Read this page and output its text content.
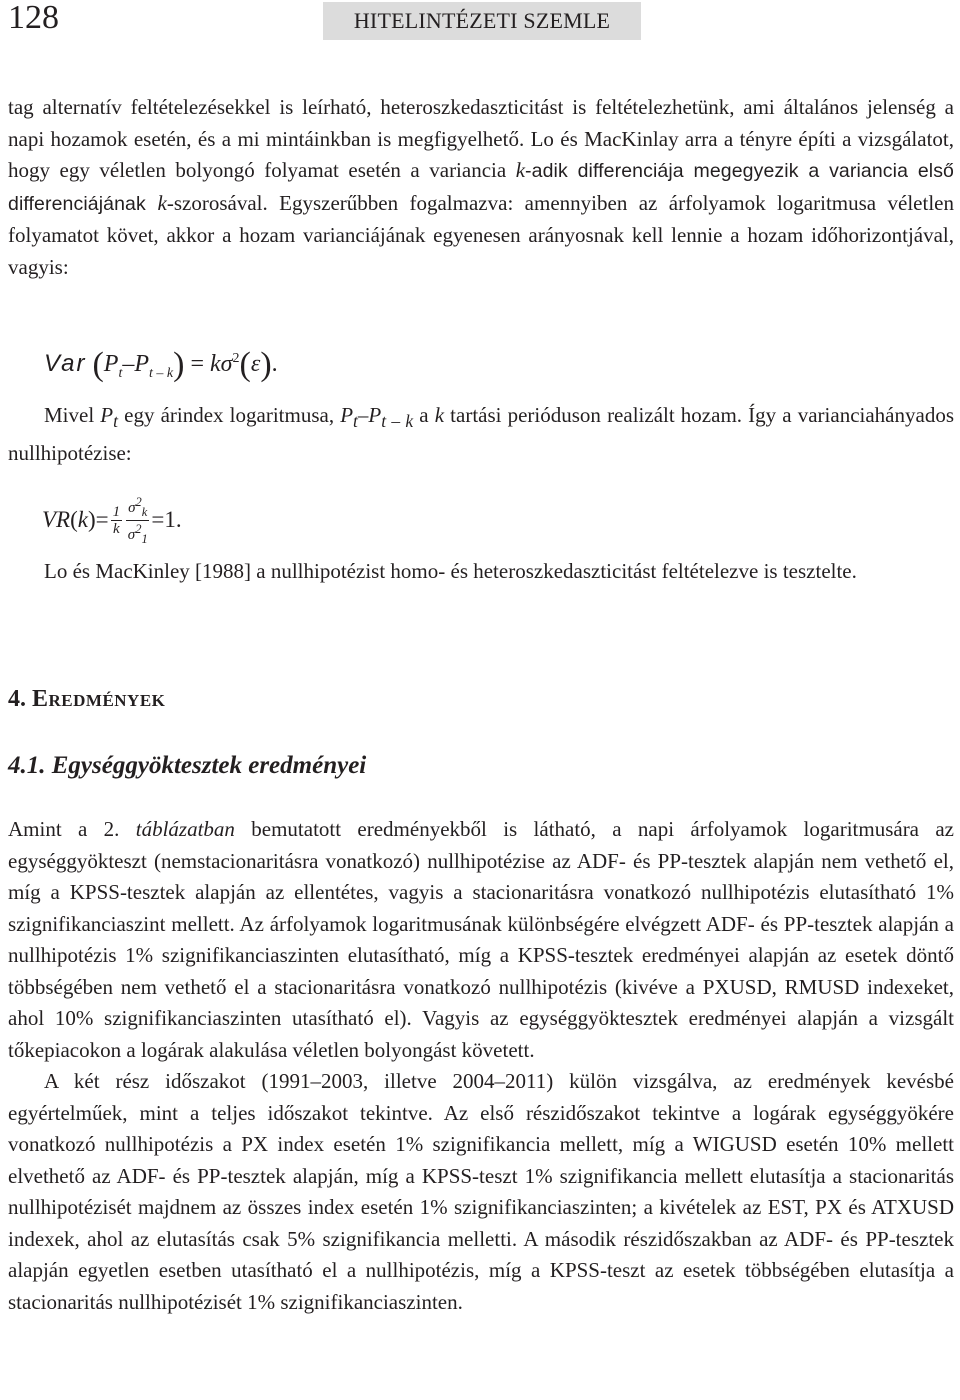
128	HITELINTÉZETI SZEMLE
tag alternatív feltételezésekkel is leírható, heteroszkedaszticitást is feltételezhetünk, ami általános jelenség a napi hozamok esetén, és a mi mintáinkban is megfigyelhető. Lo és MacKinlay arra a tényre építi a vizsgálatot, hogy egy véletlen bolyongó folyamat esetén a variancia k-adik differenciája megegyezik a variancia első differenciájának k-szorosával. Egyszerűbben fogalmazva: amennyiben az árfolyamok logaritmusa véletlen folyamatot követ, akkor a hozam varianciájának egyenesen arányosnak kell lennie a hozam időhorizontjával, vagyis:
Var $(P_t-P_{t - k}) = k\sigma^2(\varepsilon)$.
Mivel $P_t$ egy árindex logaritmusa, $P_t-P_{t - k}$ a k tartási perióduson realizált hozam. Így a varianciahányados nullhipotézise:
VR ( k )= $\frac{1}{k} \frac{\sigma^2_k}{\sigma^2_1} =1$.
Lo és MacKinley [1988] a nullhipotézist homo- és heteroszkedaszticitást feltételezve is tesztelte.
4. Eredmények
4.1. Egységgyöktesztek eredményei
Amint a 2. táblázatban bemutatott eredményekből is látható, a napi árfolyamok logaritmusára az egységgyökteszt (nemstacionaritásra vonatkozó) nullhipotézise az ADF- és PP-tesztek alapján nem vethető el, míg a KPSS-tesztek alapján az ellentétes, vagyis a stacionaritásra vonatkozó nullhipotézis elutasítható 1% szignifikanciaszint mellett. Az árfolyamok logaritmusának különbségére elvégzett ADF- és PP-tesztek alapján a nullhipotézis 1% szignifikanciaszinten elutasítható, míg a KPSS-tesztek eredményei alapján az esetek döntő többségében nem vethető el a stacionaritásra vonatkozó nullhipotézis (kivéve a PXUSD, RMUSD indexeket, ahol 10% szignifikanciaszinten utasítható el). Vagyis az egységgyöktesztek eredményei alapján a vizsgált tőkepiacokon a logárak alakulása véletlen bolyongást követett.
A két rész időszakot (1991–2003, illetve 2004–2011) külön vizsgálva, az eredmények kevésbé egyértelműek, mint a teljes időszakot tekintve. Az első részidőszakot tekintve a logárak egységgyökére vonatkozó nullhipotézis a PX index esetén 1% szignifikancia mellett, míg a WIGUSD esetén 10% mellett elvethető az ADF- és PP-tesztek alapján, míg a KPSS-teszt 1% szignifikancia mellett elutasítja a stacionaritás nullhipotézisét majdnem az összes index esetén 1% szignifikanciaszinten; a kivételek az EST, PX és ATXUSD indexek, ahol az elutasítás csak 5% szignifikancia melletti. A második részidőszakban az ADF- és PP-tesztek alapján egyetlen esetben utasítható el a nullhipotézis, míg a KPSS-teszt az esetek többségében elutasítja a stacionaritás nullhipotézisét 1% szignifikanciaszinten.
